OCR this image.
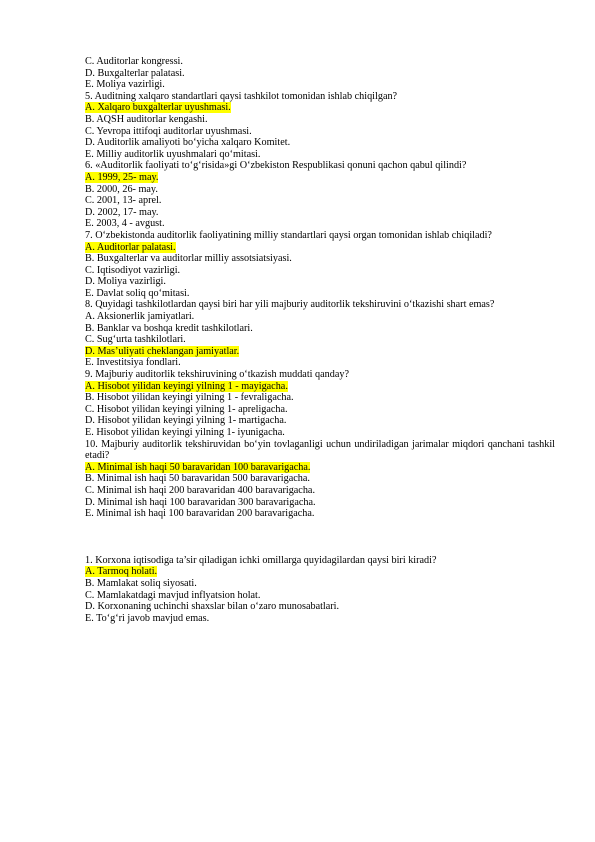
C. Auditorlar kongressi.
D. Buxgalterlar palatasi.
E. Moliya vazirligi.
5. Auditning xalqaro standartlari qaysi tashkilot tomonidan ishlab chiqilgan?
A. Xalqaro buxgalterlar uyushmasi.
B. AQSH auditorlar kengashi.
C. Yevropa ittifoqi auditorlar uyushmasi.
D. Auditorlik amaliyoti bo‘yicha xalqaro Komitet.
E. Milliy auditorlik uyushmalari qo‘mitasi.
6. «Auditorlik faoliyati to‘g‘risida»gi O‘zbekiston Respublikasi qonuni qachon qabul qilindi?
A. 1999, 25- may.
B. 2000, 26- may.
C. 2001, 13- aprel.
D. 2002, 17- may.
E. 2003, 4 - avgust.
7. O‘zbekistonda auditorlik faoliyatining milliy standartlari qaysi organ tomonidan ishlab chiqiladi?
A. Auditorlar palatasi.
B. Buxgalterlar va auditorlar milliy assotsiatsiyasi.
C. Iqtisodiyot vazirligi.
D. Moliya vazirligi.
E. Davlat soliq qo‘mitasi.
8. Quyidagi tashkilotlardan qaysi biri har yili majburiy auditorlik tekshiruvini o‘tkazishi shart emas?
A. Aksionerlik jamiyatlari.
B. Banklar va boshqa kredit tashkilotlari.
C. Sug‘urta tashkilotlari.
D. Mas’uliyati cheklangan jamiyatlar.
E. Investitsiya fondlari.
9. Majburiy auditorlik tekshiruvining o‘tkazish muddati qanday?
A. Hisobot yilidan keyingi yilning 1 - mayigacha.
B. Hisobot yilidan keyingi yilning 1 - fevraligacha.
C. Hisobot yilidan keyingi yilning 1- apreligacha.
D. Hisobot yilidan keyingi yilning 1- martigacha.
E. Hisobot yilidan keyingi yilning 1- iyunigacha.
10. Majburiy auditorlik tekshiruvidan bo‘yin tovlaganligi uchun undiriladigan jarimalar miqdori qanchani tashkil etadi?
A. Minimal ish haqi 50 baravaridan 100 baravarigacha.
B. Minimal ish haqi 50 baravaridan 500 baravarigacha.
C. Minimal ish haqi 200 baravaridan 400 baravarigacha.
D. Minimal ish haqi 100 baravaridan 300 baravarigacha.
E. Minimal ish haqi 100 baravaridan 200 baravarigacha.
1. Korxona iqtisodiga ta’sir qiladigan ichki omillarga quyidagilardan qaysi biri kiradi?
A. Tarmoq holati.
B. Mamlakat soliq siyosati.
C. Mamlakatdagi mavjud inflyatsion holat.
D. Korxonaning uchinchi shaxslar bilan o‘zaro munosabatlari.
E. To‘g‘ri javob mavjud emas.
